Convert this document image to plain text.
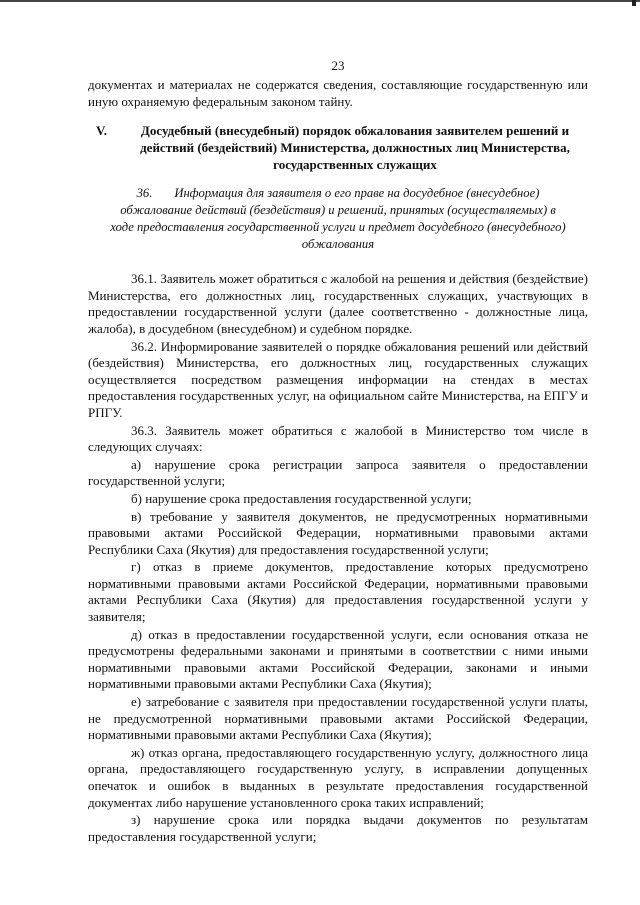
23

документах и материалах не содержатся сведения, составляющие государственную или иную охраняемую федеральным законом тайну.

V.	Досудебный (внесудебный) порядок обжалования заявителем решений и действий (бездействий) Министерства, должностных лиц Министерства, государственных служащих
36. Информация для заявителя о его праве на досудебное (внесудебное) обжалование действий (бездействия) и решений, принятых (осуществляемых) в ходе предоставления государственной услуги и предмет досудебного (внесудебного) обжалования

36.1. Заявитель может обратиться с жалобой на решения и действия (бездействие) Министерства, его должностных лиц, государственных служащих, участвующих в предоставлении государственной услуги (далее соответственно - должностные лица, жалоба), в досудебном (внесудебном) и судебном порядке.

36.2. Информирование заявителей о порядке обжалования решений или действий (бездействия) Министерства, его должностных лиц, государственных служащих осуществляется посредством размещения информации на стендах в местах предоставления государственных услуг, на официальном сайте Министерства, на ЕПГУ и РПГУ.

36.3. Заявитель может обратиться с жалобой в Министерство том числе в следующих случаях:

а) нарушение срока регистрации запроса заявителя о предоставлении государственной услуги;

б) нарушение срока предоставления государственной услуги;

в) требование у заявителя документов, не предусмотренных нормативными правовыми актами Российской Федерации, нормативными правовыми актами Республики Саха (Якутия) для предоставления государственной услуги;

г) отказ в приеме документов, предоставление которых предусмотрено нормативными правовыми актами Российской Федерации, нормативными правовыми актами Республики Саха (Якутия) для предоставления государственной услуги у заявителя;

д) отказ в предоставлении государственной услуги, если основания отказа не предусмотрены федеральными законами и принятыми в соответствии с ними иными нормативными правовыми актами Российской Федерации, законами и иными нормативными правовыми актами Республики Саха (Якутия);

е) затребование с заявителя при предоставлении государственной услуги платы, не предусмотренной нормативными правовыми актами Российской Федерации, нормативными правовыми актами Республики Саха (Якутия);

ж) отказ органа, предоставляющего государственную услугу, должностного лица органа, предоставляющего государственную услугу, в исправлении допущенных опечаток и ошибок в выданных в результате предоставления государственной документах либо нарушение установленного срока таких исправлений;

з) нарушение срока или порядка выдачи документов по результатам предоставления государственной услуги;
